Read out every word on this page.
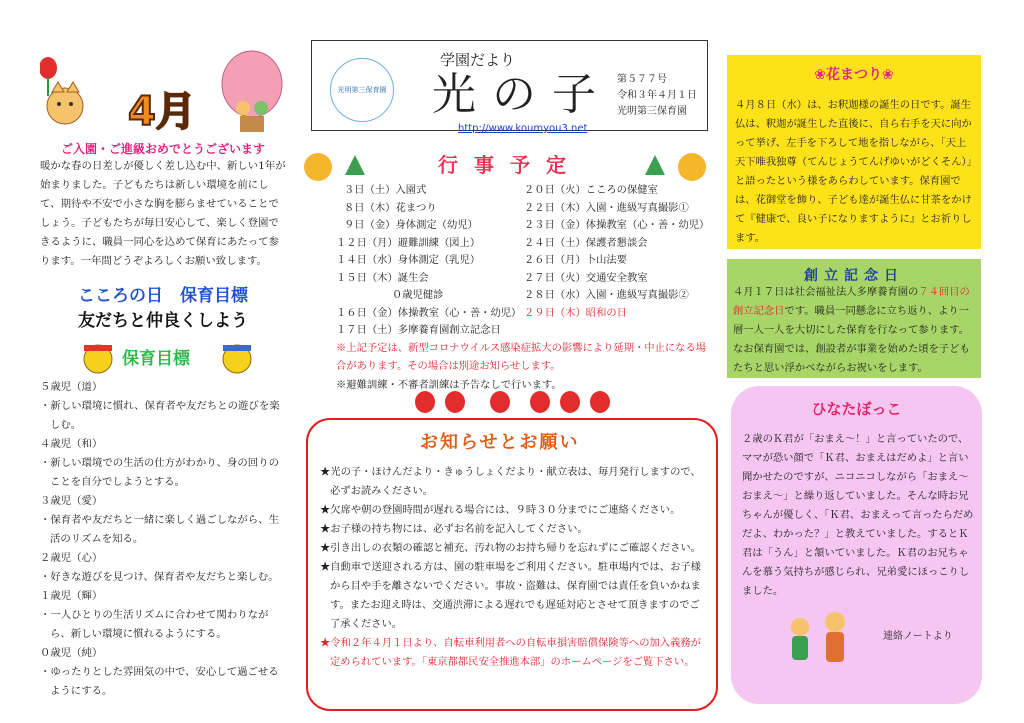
4月
ご入園・ご進級おめでとうございます
暖かな春の日差しが優しく差し込む中、新しい1年が始まりました。子どもたちは新しい環境を前にして、期待や不安で小さな胸を膨らませていることでしょう。子どもたちが毎日安心して、楽しく登園できるように、職員一同心を込めて保育にあたって参ります。一年間どうぞよろしくお願い致します。
こころの日　保育目標
友だちと仲良くしよう
保育目標
５歳児（道）
・新しい環境に慣れ、保育者や友だちとの遊びを楽しむ。
４歳児（和）
・新しい環境での生活の仕方がわかり、身の回りのことを自分でしようとする。
３歳児（愛）
・保育者や友だちと一緒に楽しく過ごしながら、生活のリズムを知る。
２歳児（心）
・好きな遊びを見つけ、保育者や友だちと楽しむ。
１歳児（輝）
・一人ひとりの生活リズムに合わせて関わりながら、新しい環境に慣れるようにする。
０歳児（純）
・ゆったりとした雰囲気の中で、安心して過ごせるようにする。
光明第三保育園
学園だより
光の子
http://www.koumyou3.net
第５７７号
令和３年４月１日
光明第三保育園
行事予定
３日（土）入園式
８日（木）花まつり
９日（金）身体測定（幼児）
１２日（月）避難訓練（図上）
１４日（水）身体測定（乳児）
１５日（木）誕生会
０歳児健診
１６日（金）体操教室（心・善・幼児）
１７日（土）多摩養育園創立記念日
２０日（火）こころの保健室
２２日（木）入園・進級写真撮影①
２３日（金）体操教室（心・善・幼児）
２４日（土）保護者懇談会
２６日（月）卜山法要
２７日（火）交通安全教室
２８日（水）入園・進級写真撮影②
２９日（木）昭和の日
※上記予定は、新型コロナウイルス感染症拡大の影響により延期・中止になる場合があります。その場合は別途お知らせします。
※避難訓練・不審者訓練は予告なしで行います。
お知らせとお願い
★光の子・ほけんだより・きゅうしょくだより・献立表は、毎月発行しますので、必ずお読みください。
★欠席や朝の登園時間が遅れる場合には、９時３０分までにご連絡ください。
★お子様の持ち物には、必ずお名前を記入してください。
★引き出しの衣類の確認と補充、汚れ物のお持ち帰りを忘れずにご確認ください。
★自動車で送迎される方は、園の駐車場をご利用ください。駐車場内では、お子様から目や手を離さないでください。事故・盗難は、保育園では責任を負いかねます。またお迎え時は、交通渋滞による遅れでも遅延対応とさせて頂きますのでご了承ください。
★令和２年４月１日より、自転車利用者への自転車損害賠償保険等への加入義務が定められています。「東京都都民安全推進本部」のホームページをご覧下さい。
❀花まつり❀
４月８日（水）は、お釈迦様の誕生の日です。誕生仏は、釈迦が誕生した直後に、自ら右手を天に向かって挙げ、左手を下ろして地を指しながら、「天上天下唯我独尊（てんじょうてんげゆいがどくそん）」と語ったという様をあらわしています。保育園では、花御堂を飾り、子ども達が誕生仏に甘茶をかけて『健康で、良い子になりますように』とお祈りします。
創立記念日
４月１７日は社会福祉法人多摩養育園の７４回目の創立記念日です。職員一同懸念に立ち返り、より一層一人一人を大切にした保育を行なって参ります。なお保育園では、創設者が事業を始めた頃を子どもたちと思い浮かべながらお祝いをします。
ひなたぼっこ
２歳のＫ君が「おまえ～！」と言っていたので、ママが恐い顔で「Ｋ君、おまえはだめよ」と言い聞かせたのですが、ニコニコしながら「おまえ～おまえ～」と繰り返していました。そんな時お兄ちゃんが優しく、「Ｋ君、おまえって言ったらだめだよ、わかった？」と教えていました。するとＫ君は「うん」と頷いていました。Ｋ君のお兄ちゃんを慕う気持ちが感じられ、兄弟愛にほっこりしました。
連絡ノートより
